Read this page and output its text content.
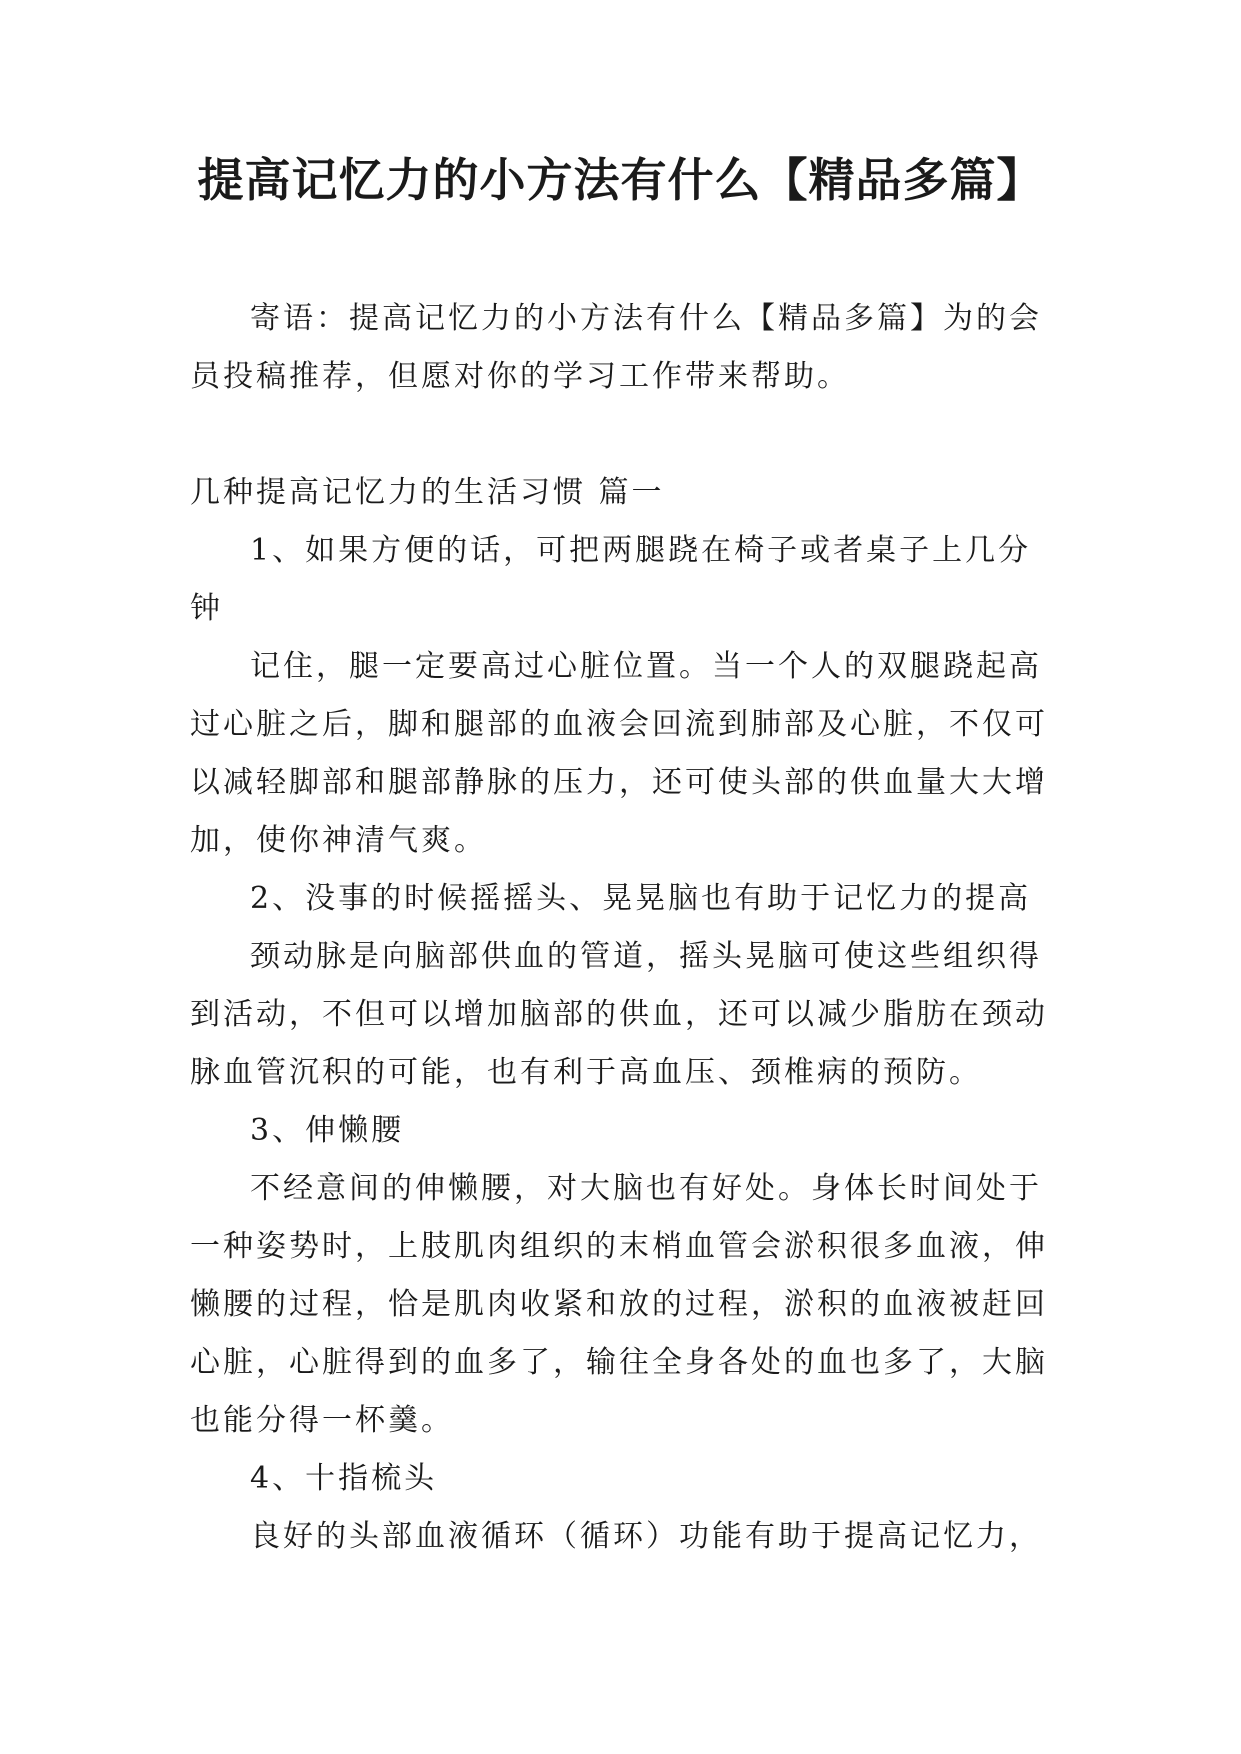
提高记忆力的小方法有什么【精品多篇】

寄语：提高记忆力的小方法有什么【精品多篇】为的会员投稿推荐，但愿对你的学习工作带来帮助。

几种提高记忆力的生活习惯 篇一

1、如果方便的话，可把两腿跷在椅子或者桌子上几分钟

记住，腿一定要高过心脏位置。当一个人的双腿跷起高过心脏之后，脚和腿部的血液会回流到肺部及心脏，不仅可以减轻脚部和腿部静脉的压力，还可使头部的供血量大大增加，使你神清气爽。

2、没事的时候摇摇头、晃晃脑也有助于记忆力的提高

颈动脉是向脑部供血的管道，摇头晃脑可使这些组织得到活动，不但可以增加脑部的供血，还可以减少脂肪在颈动脉血管沉积的可能，也有利于高血压、颈椎病的预防。

3、伸懒腰

不经意间的伸懒腰，对大脑也有好处。身体长时间处于一种姿势时，上肢肌肉组织的末梢血管会淤积很多血液，伸懒腰的过程，恰是肌肉收紧和放的过程，淤积的血液被赶回心脏，心脏得到的血多了，输往全身各处的血也多了，大脑也能分得一杯羹。

4、十指梳头

良好的头部血液循环（循环）功能有助于提高记忆力，
